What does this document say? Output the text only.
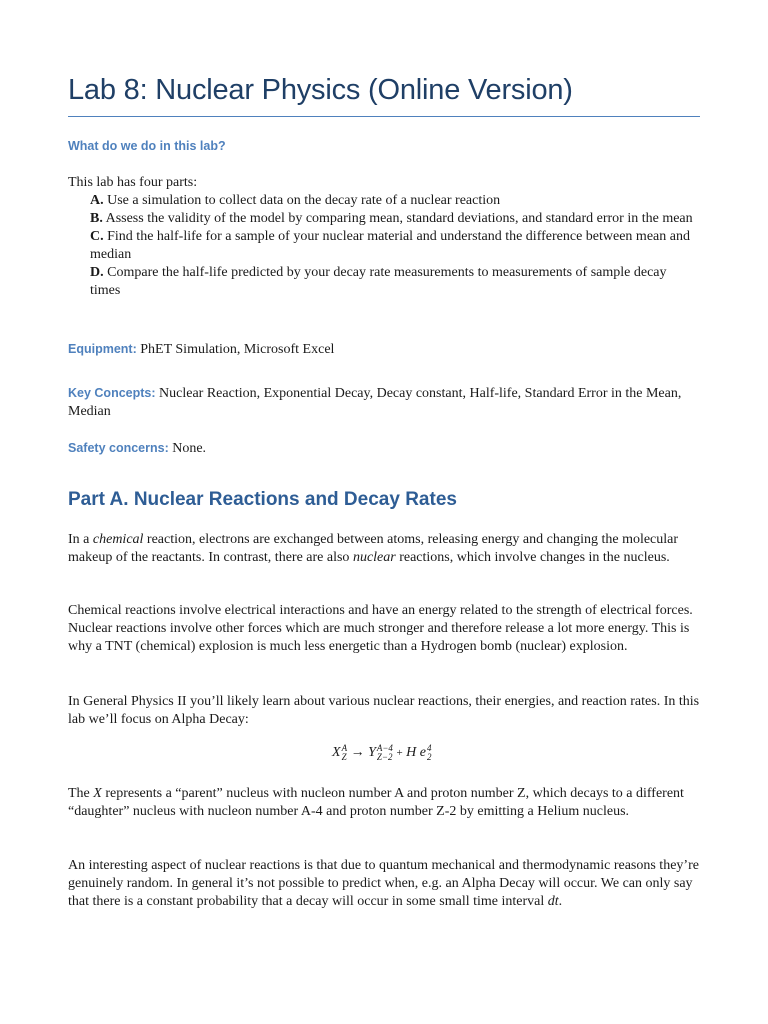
Lab 8: Nuclear Physics (Online Version)
What do we do in this lab?
This lab has four parts:
A. Use a simulation to collect data on the decay rate of a nuclear reaction
B. Assess the validity of the model by comparing mean, standard deviations, and standard error in the mean
C. Find the half-life for a sample of your nuclear material and understand the difference between mean and median
D. Compare the half-life predicted by your decay rate measurements to measurements of sample decay times
Equipment: PhET Simulation, Microsoft Excel
Key Concepts: Nuclear Reaction, Exponential Decay, Decay constant, Half-life, Standard Error in the Mean, Median
Safety concerns: None.
Part A. Nuclear Reactions and Decay Rates

In a chemical reaction, electrons are exchanged between atoms, releasing energy and changing the molecular makeup of the reactants. In contrast, there are also nuclear reactions, which involve changes in the nucleus.

Chemical reactions involve electrical interactions and have an energy related to the strength of electrical forces. Nuclear reactions involve other forces which are much stronger and therefore release a lot more energy. This is why a TNT (chemical) explosion is much less energetic than a Hydrogen bomb (nuclear) explosion.

In General Physics II you’ll likely learn about various nuclear reactions, their energies, and reaction rates. In this lab we’ll focus on Alpha Decay:

X A
Z → Y A−4
Z−2 + H e 4
2

The X represents a “parent” nucleus with nucleon number A and proton number Z, which decays to a different “daughter” nucleus with nucleon number A-4 and proton number Z-2 by emitting a Helium nucleus.

An interesting aspect of nuclear reactions is that due to quantum mechanical and thermodynamic reasons they’re genuinely random. In general it’s not possible to predict when, e.g. an Alpha Decay will occur. We can only say that there is a constant probability that a decay will occur in some small time interval dt.
